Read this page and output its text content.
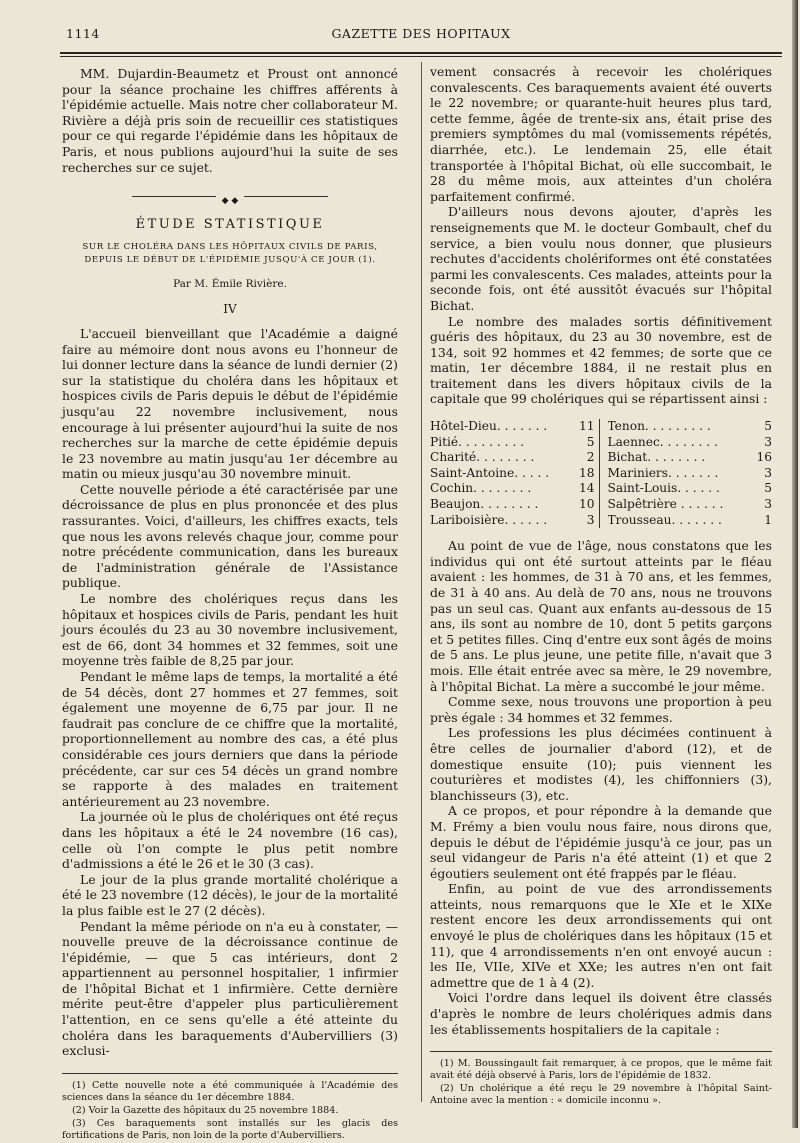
1114	GAZETTE DES HOPITAUX

MM. Dujardin-Beaumetz et Proust ont annoncé pour la séance prochaine les chiffres afférents à l'épidémie actuelle. Mais notre cher collaborateur M. Rivière a déjà pris soin de recueillir ces statistiques pour ce qui regarde l'épidémie dans les hôpitaux de Paris, et nous publions aujourd'hui la suite de ses recherches sur ce sujet.

◆ ◆
ÉTUDE STATISTIQUE
SUR LE CHOLÉRA DANS LES HÔPITAUX CIVILS DE PARIS, DEPUIS LE DÉBUT DE L'ÉPIDÉMIE JUSQU'À CE JOUR (1).
Par M. Émile Rivière.
IV

L'accueil bienveillant que l'Académie a daigné faire au mémoire dont nous avons eu l'honneur de lui donner lecture dans la séance de lundi dernier (2) sur la statistique du choléra dans les hôpitaux et hospices civils de Paris depuis le début de l'épidémie jusqu'au 22 novembre inclusivement, nous encourage à lui présenter aujourd'hui la suite de nos recherches sur la marche de cette épidémie depuis le 23 novembre au matin jusqu'au 1er décembre au matin ou mieux jusqu'au 30 novembre minuit.

Cette nouvelle période a été caractérisée par une décroissance de plus en plus prononcée et des plus rassurantes. Voici, d'ailleurs, les chiffres exacts, tels que nous les avons relevés chaque jour, comme pour notre précédente communication, dans les bureaux de l'administration générale de l'Assistance publique.

Le nombre des cholériques reçus dans les hôpitaux et hospices civils de Paris, pendant les huit jours écoulés du 23 au 30 novembre inclusivement, est de 66, dont 34 hommes et 32 femmes, soit une moyenne très faible de 8,25 par jour.

Pendant le même laps de temps, la mortalité a été de 54 décès, dont 27 hommes et 27 femmes, soit également une moyenne de 6,75 par jour. Il ne faudrait pas conclure de ce chiffre que la mortalité, proportionnellement au nombre des cas, a été plus considérable ces jours derniers que dans la période précédente, car sur ces 54 décès un grand nombre se rapporte à des malades en traitement antérieurement au 23 novembre.

La journée où le plus de cholériques ont été reçus dans les hôpitaux a été le 24 novembre (16 cas), celle où l'on compte le plus petit nombre d'admissions a été le 26 et le 30 (3 cas).

Le jour de la plus grande mortalité cholérique a été le 23 novembre (12 décès), le jour de la mortalité la plus faible est le 27 (2 décès).

Pendant la même période on n'a eu à constater, — nouvelle preuve de la décroissance continue de l'épidémie, — que 5 cas intérieurs, dont 2 appartiennent au personnel hospitalier, 1 infirmier de l'hôpital Bichat et 1 infirmière. Cette dernière mérite peut-être d'appeler plus particulièrement l'attention, en ce sens qu'elle a été atteinte du choléra dans les baraquements d'Aubervilliers (3) exclusi-

(1) Cette nouvelle note a été communiquée à l'Académie des sciences dans la séance du 1er décembre 1884.

(2) Voir la Gazette des hôpitaux du 25 novembre 1884.

(3) Ces baraquements sont installés sur les glacis des fortifications de Paris, non loin de la porte d'Aubervilliers.

vement consacrés à recevoir les cholériques convalescents. Ces baraquements avaient été ouverts le 22 novembre; or quarante-huit heures plus tard, cette femme, âgée de trente-six ans, était prise des premiers symptômes du mal (vomissements répétés, diarrhée, etc.). Le lendemain 25, elle était transportée à l'hôpital Bichat, où elle succombait, le 28 du même mois, aux atteintes d'un choléra parfaitement confirmé.

D'ailleurs nous devons ajouter, d'après les renseignements que M. le docteur Gombault, chef du service, a bien voulu nous donner, que plusieurs rechutes d'accidents cholériformes ont été constatées parmi les convalescents. Ces malades, atteints pour la seconde fois, ont été aussitôt évacués sur l'hôpital Bichat.

Le nombre des malades sortis définitivement guéris des hôpitaux, du 23 au 30 novembre, est de 134, soit 92 hommes et 42 femmes; de sorte que ce matin, 1er décembre 1884, il ne restait plus en traitement dans les divers hôpitaux civils de la capitale que 99 cholériques qui se répartissent ainsi :

Hôtel-Dieu. . . . . . .	11
Pitié. . . . . . . . .	5
Charité. . . . . . . .	2
Saint-Antoine. . . . . 18
Cochin. . . . . . . .	14
Beaujon. . . . . . . .	10
Lariboisière. . . . . .	3
Tenon. . . . . . . . .	5
Laennec. . . . . . . .	3
Bichat. . . . . . . .	16
Mariniers. . . . . . .	3
Saint-Louis. . . . . .	5
Salpêtrière . . . . . .	3
Trousseau. . . . . . .	1

Au point de vue de l'âge, nous constatons que les individus qui ont été surtout atteints par le fléau avaient : les hommes, de 31 à 70 ans, et les femmes, de 31 à 40 ans. Au delà de 70 ans, nous ne trouvons pas un seul cas. Quant aux enfants au-dessous de 15 ans, ils sont au nombre de 10, dont 5 petits garçons et 5 petites filles. Cinq d'entre eux sont âgés de moins de 5 ans. Le plus jeune, une petite fille, n'avait que 3 mois. Elle était entrée avec sa mère, le 29 novembre, à l'hôpital Bichat. La mère a succombé le jour même.

Comme sexe, nous trouvons une proportion à peu près égale : 34 hommes et 32 femmes.

Les professions les plus décimées continuent à être celles de journalier d'abord (12), et de domestique ensuite (10); puis viennent les couturières et modistes (4), les chiffonniers (3), blanchisseurs (3), etc.

A ce propos, et pour répondre à la demande que M. Frémy a bien voulu nous faire, nous dirons que, depuis le début de l'épidémie jusqu'à ce jour, pas un seul vidangeur de Paris n'a été atteint (1) et que 2 égoutiers seulement ont été frappés par le fléau.

Enfin, au point de vue des arrondissements atteints, nous remarquons que le XIe et le XIXe restent encore les deux arrondissements qui ont envoyé le plus de cholériques dans les hôpitaux (15 et 11), que 4 arrondissements n'en ont envoyé aucun : les IIe, VIIe, XIVe et XXe; les autres n'en ont fait admettre que de 1 à 4 (2).

Voici l'ordre dans lequel ils doivent être classés d'après le nombre de leurs cholériques admis dans les établissements hospitaliers de la capitale :

(1) M. Boussingault fait remarquer, à ce propos, que le même fait avait été déjà observé à Paris, lors de l'épidémie de 1832.

(2) Un cholérique a été reçu le 29 novembre à l'hôpital Saint-Antoine avec la mention : « domicile inconnu ».
